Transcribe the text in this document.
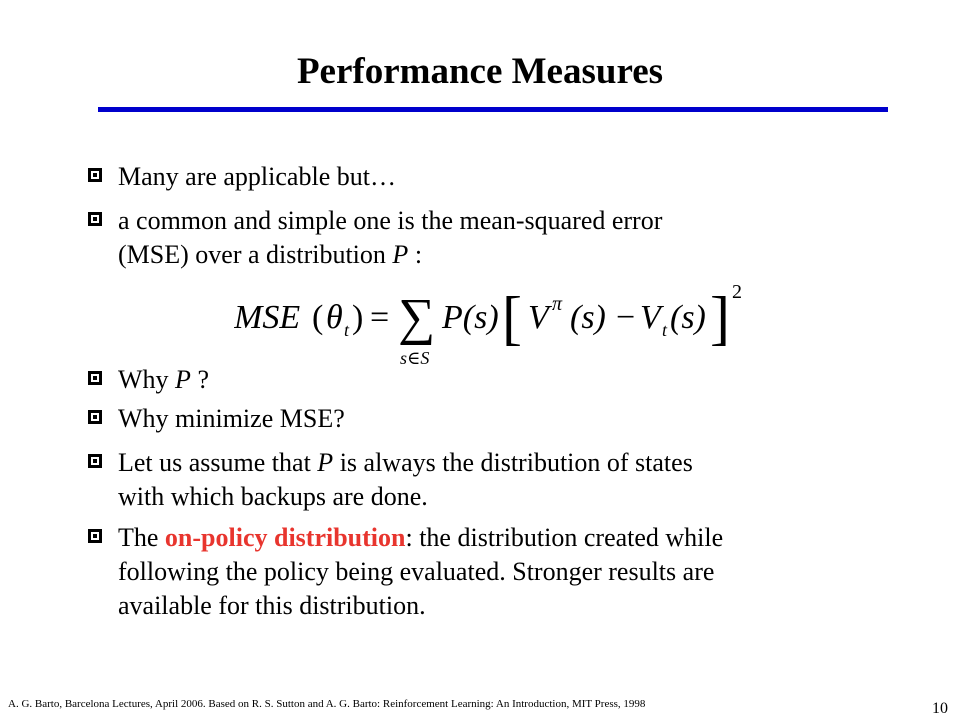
Performance Measures
Many are applicable but…
a common and simple one is the mean-squared error
(MSE) over a distribution P :
MSE ( θ t ) = ∑
s∈S
P(s) [ V π (s) − V t (s) ] 2
Why P ?
Why minimize MSE?
Let us assume that P is always the distribution of states
with which backups are done.
The on-policy distribution: the distribution created while
following the policy being evaluated. Stronger results are
available for this distribution.
A. G. Barto, Barcelona Lectures, April 2006. Based on R. S. Sutton and A. G. Barto: Reinforcement Learning: An Introduction, MIT Press, 1998	10
